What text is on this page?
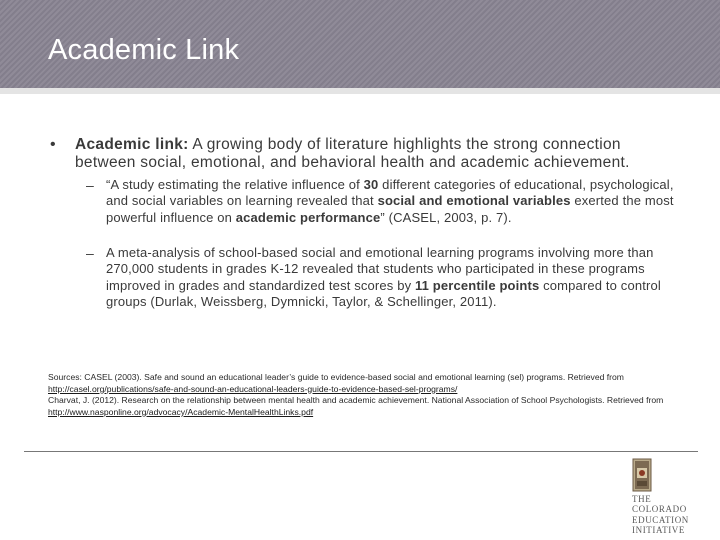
Academic Link
• Academic link: A growing body of literature highlights the strong connection between social, emotional, and behavioral health and academic achievement.
– “A study estimating the relative influence of 30 different categories of educational, psychological, and social variables on learning revealed that social and emotional variables exerted the most powerful influence on academic performance” (CASEL, 2003, p. 7).
– A meta-analysis of school-based social and emotional learning programs involving more than 270,000 students in grades K-12 revealed that students who participated in these programs improved in grades and standardized test scores by 11 percentile points compared to control groups (Durlak, Weissberg, Dymnicki, Taylor, & Schellinger, 2011).
Sources: CASEL (2003). Safe and sound an educational leader’s guide to evidence-based social and emotional learning (sel) programs. Retrieved from http://casel.org/publications/safe-and-sound-an-educational-leaders-guide-to-evidence-based-sel-programs/
Charvat, J. (2012). Research on the relationship between mental health and academic achievement. National Association of School Psychologists. Retrieved from http://www.nasponline.org/advocacy/Academic-MentalHealthLinks.pdf
THE
COLORADO
EDUCATION
INITIATIVE
